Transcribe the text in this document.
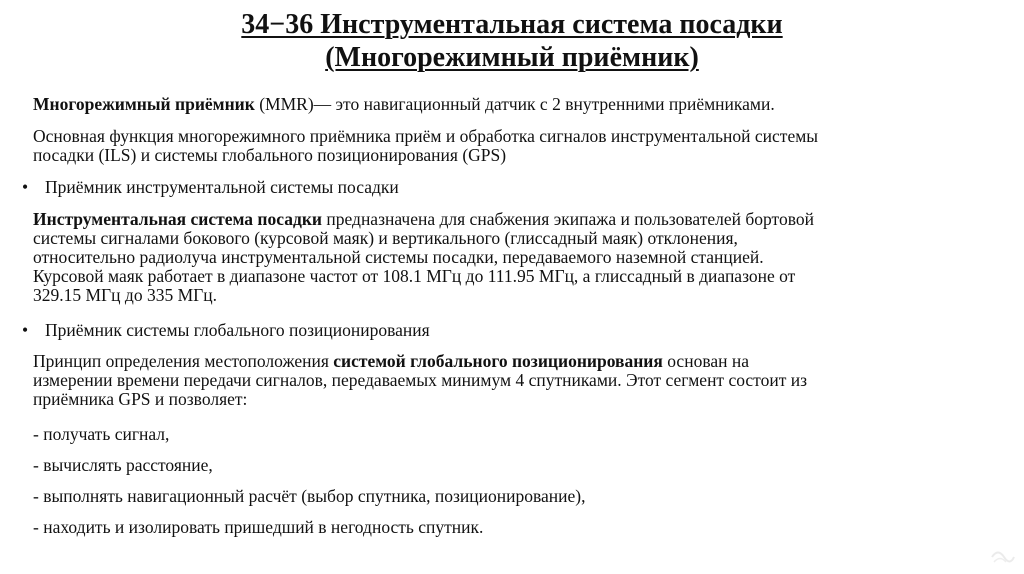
34−36 Инструментальная система посадки
(Многорежимный приёмник)
Многорежимный приёмник (MMR)— это навигационный датчик с 2 внутренними приёмниками.
Основная функция многорежимного приёмника приём и обработка сигналов инструментальной системы
посадки (ILS) и системы глобального позиционирования (GPS)
• Приёмник инструментальной системы посадки
Инструментальная система посадки предназначена для снабжения экипажа и пользователей бортовой
системы сигналами бокового (курсовой маяк) и вертикального (глиссадный маяк) отклонения,
относительно радиолуча инструментальной системы посадки, передаваемого наземной станцией.
Курсовой маяк работает в диапазоне частот от 108.1 МГц до 111.95 МГц, а глиссадный в диапазоне от
329.15 МГц до 335 МГц.
• Приёмник системы глобального позиционирования
Принцип определения местоположения системой глобального позиционирования основан на
измерении времени передачи сигналов, передаваемых минимум 4 спутниками. Этот сегмент состоит из
приёмника GPS и позволяет:
- получать сигнал,
- вычислять расстояние,
- выполнять навигационный расчёт (выбор спутника, позиционирование),
- находить и изолировать пришедший в негодность спутник.
